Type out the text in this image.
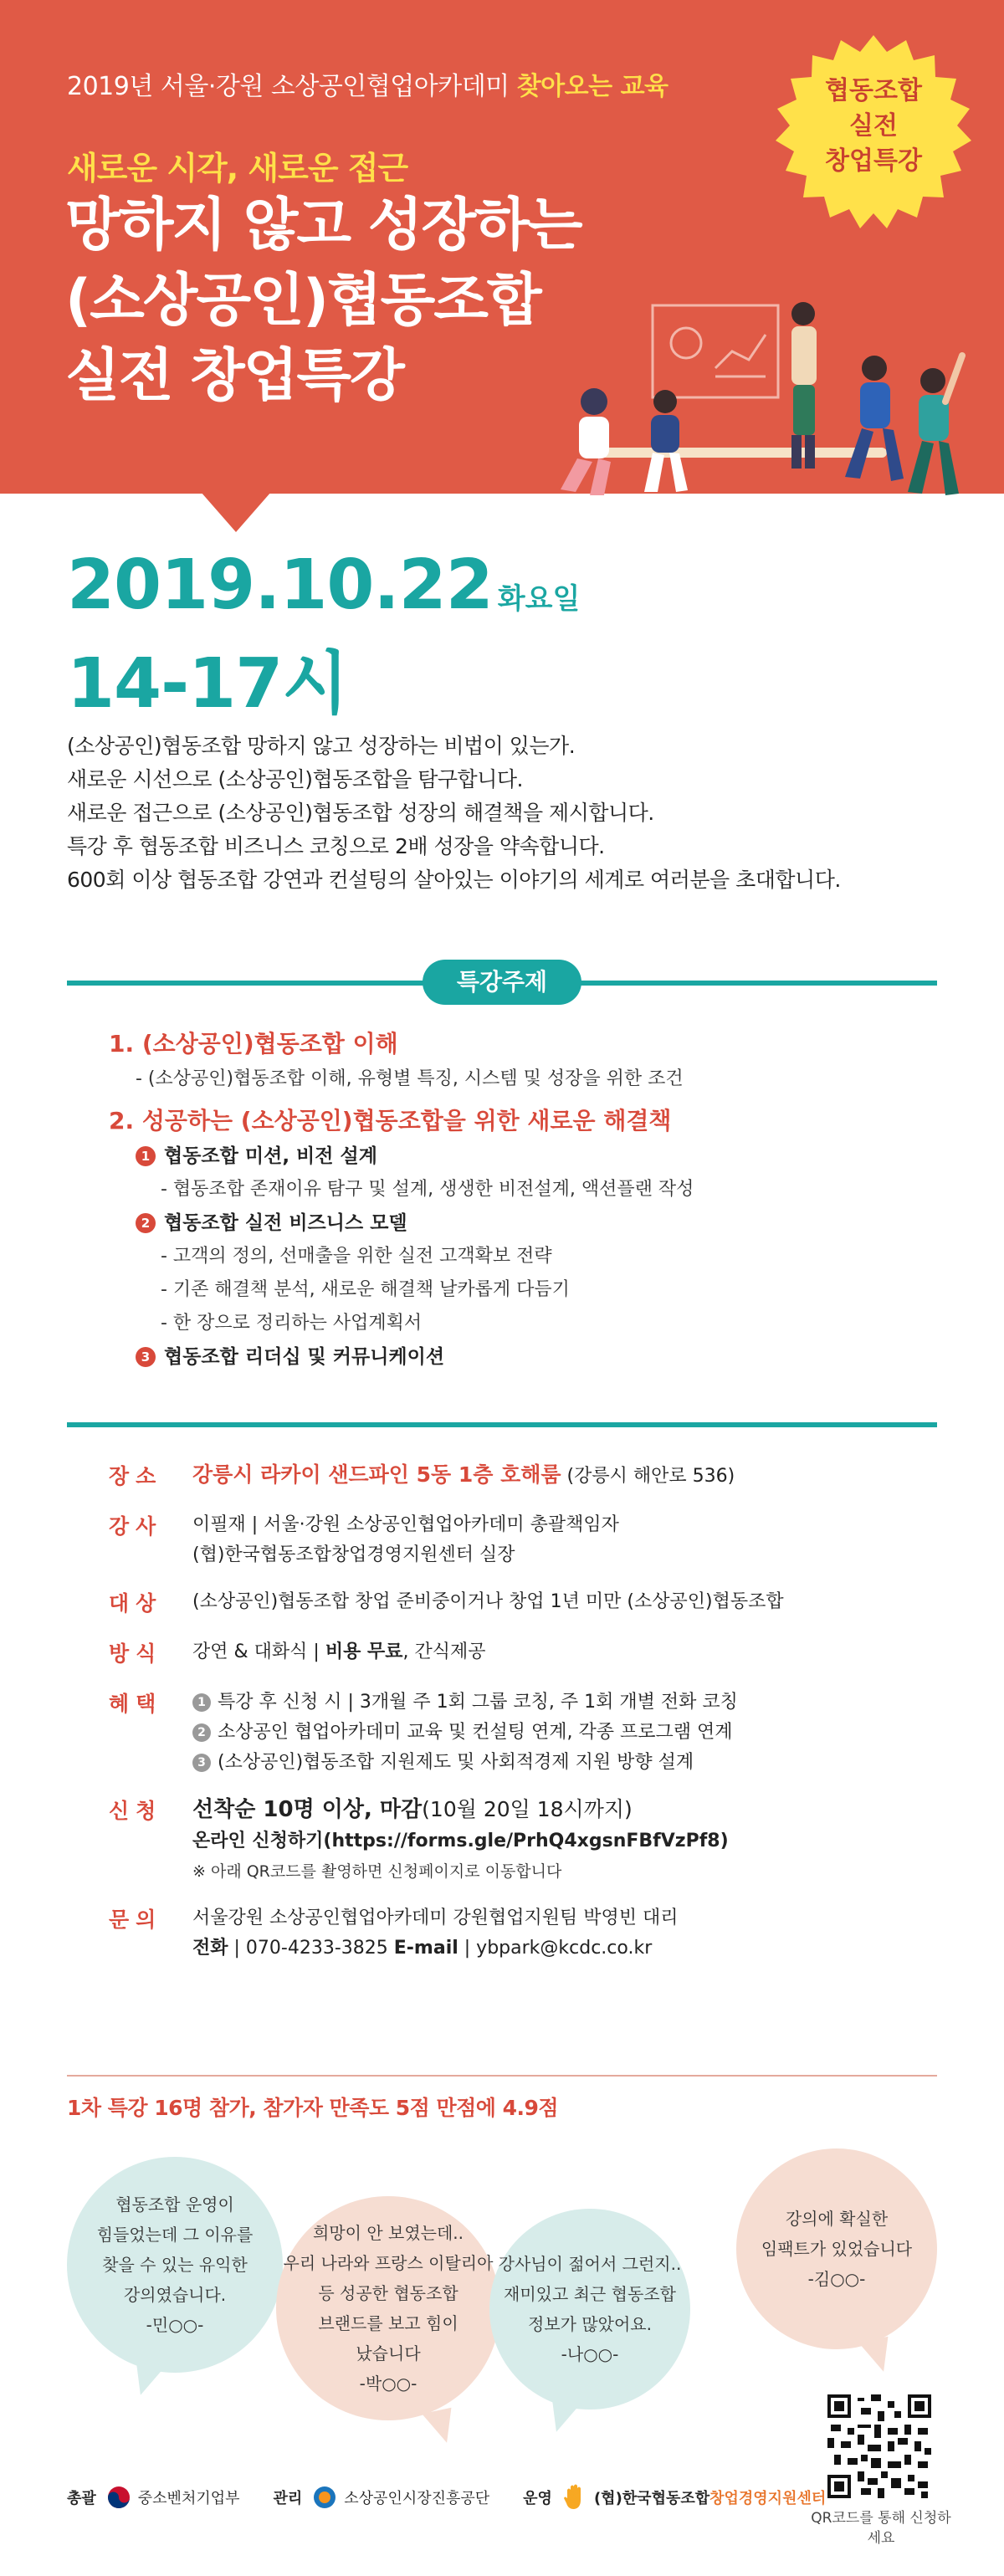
2019년 서울·강원 소상공인협업아카데미 찾아오는 교육
새로운 시각, 새로운 접근
망하지 않고 성장하는
(소상공인)협동조합
실전 창업특강
협동조합
실전
창업특강
2019.10.22 화요일
14-17시
(소상공인)협동조합 망하지 않고 성장하는 비법이 있는가.
새로운 시선으로 (소상공인)협동조합을 탐구합니다.
새로운 접근으로 (소상공인)협동조합 성장의 해결책을 제시합니다.
특강 후 협동조합 비즈니스 코칭으로 2배 성장을 약속합니다.
600회 이상 협동조합 강연과 컨설팅의 살아있는 이야기의 세계로 여러분을 초대합니다.
특강주제
1. (소상공인)협동조합 이해
- (소상공인)협동조합 이해, 유형별 특징, 시스템 및 성장을 위한 조건
2. 성공하는 (소상공인)협동조합을 위한 새로운 해결책
1 협동조합 미션, 비전 설계
- 협동조합 존재이유 탐구 및 설계, 생생한 비전설계, 액션플랜 작성
2 협동조합 실전 비즈니스 모델
- 고객의 정의, 선매출을 위한 실전 고객확보 전략
- 기존 해결책 분석, 새로운 해결책 날카롭게 다듬기
- 한 장으로 정리하는 사업계획서
3 협동조합 리더십 및 커뮤니케이션
장소	강릉시 라카이 샌드파인 5동 1층 호해룸 (강릉시 해안로 536)
강사	이필재 | 서울·강원 소상공인협업아카데미 총괄책임자
(협)한국협동조합창업경영지원센터 실장
대상	(소상공인)협동조합 창업 준비중이거나 창업 1년 미만 (소상공인)협동조합
방식	강연 & 대화식 | 비용 무료, 간식제공
혜택	1 특강 후 신청 시 | 3개월 주 1회 그룹 코칭, 주 1회 개별 전화 코칭
2 소상공인 협업아카데미 교육 및 컨설팅 연계, 각종 프로그램 연계
3 (소상공인)협동조합 지원제도 및 사회적경제 지원 방향 설계
신청	선착순 10명 이상, 마감(10월 20일 18시까지)
온라인 신청하기(https://forms.gle/PrhQ4xgsnFBfVzPf8)
※ 아래 QR코드를 촬영하면 신청페이지로 이동합니다
문의	서울강원 소상공인협업아카데미 강원협업지원팀 박영빈 대리
전화 | 070-4233-3825 E-mail | ybpark@kcdc.co.kr
1차 특강 16명 참가, 참가자 만족도 5점 만점에 4.9점
협동조합 운영이
힘들었는데 그 이유를
찾을 수 있는 유익한
강의였습니다.
-민○○-
희망이 안 보였는데..
우리 나라와 프랑스 이탈리아
등 성공한 협동조합
브랜드를 보고 힘이
났습니다
-박○○-
강사님이 젊어서 그런지..
재미있고 최근 협동조합
정보가 많았어요.
-나○○-
강의에 확실한
임팩트가 있었습니다
-김○○-
QR코드를 통해 신청하세요
총괄	중소벤처기업부 관리	소상공인시장진흥공단 운영	(협)한국협동조합 창업경영지원센터
